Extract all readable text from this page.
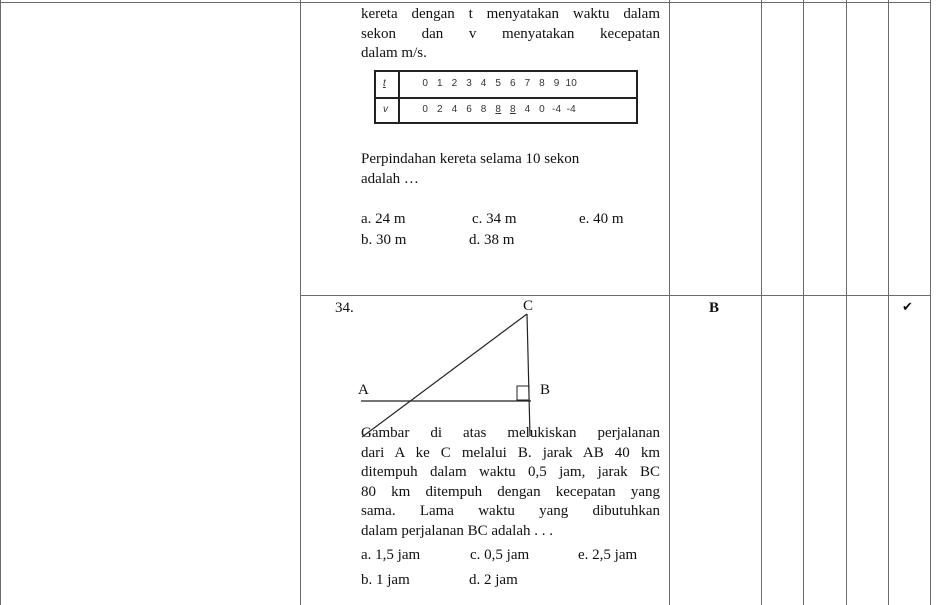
kereta dengan t menyatakan waktu dalam
sekon dan v menyatakan kecepatan
dalam m/s.
t	0 1 2 3 4 5 6 7 8 9 10
v	0 2 4 6 8 8 8 4 0 -4 -4
Perpindahan kereta selama 10 sekon
adalah …
a. 24 m	c. 34 m	e. 40 m
b. 30 m	d. 38 m
34.	C
A	B
Gambar di atas melukiskan perjalanan
dari A ke C melalui B. jarak AB 40 km
ditempuh dalam waktu 0,5 jam, jarak BC
80 km ditempuh dengan kecepatan yang
sama. Lama waktu yang dibutuhkan
dalam perjalanan BC adalah . . .
a. 1,5 jam	c. 0,5 jam	e. 2,5 jam
b. 1 jam	d. 2 jam
B	✔
